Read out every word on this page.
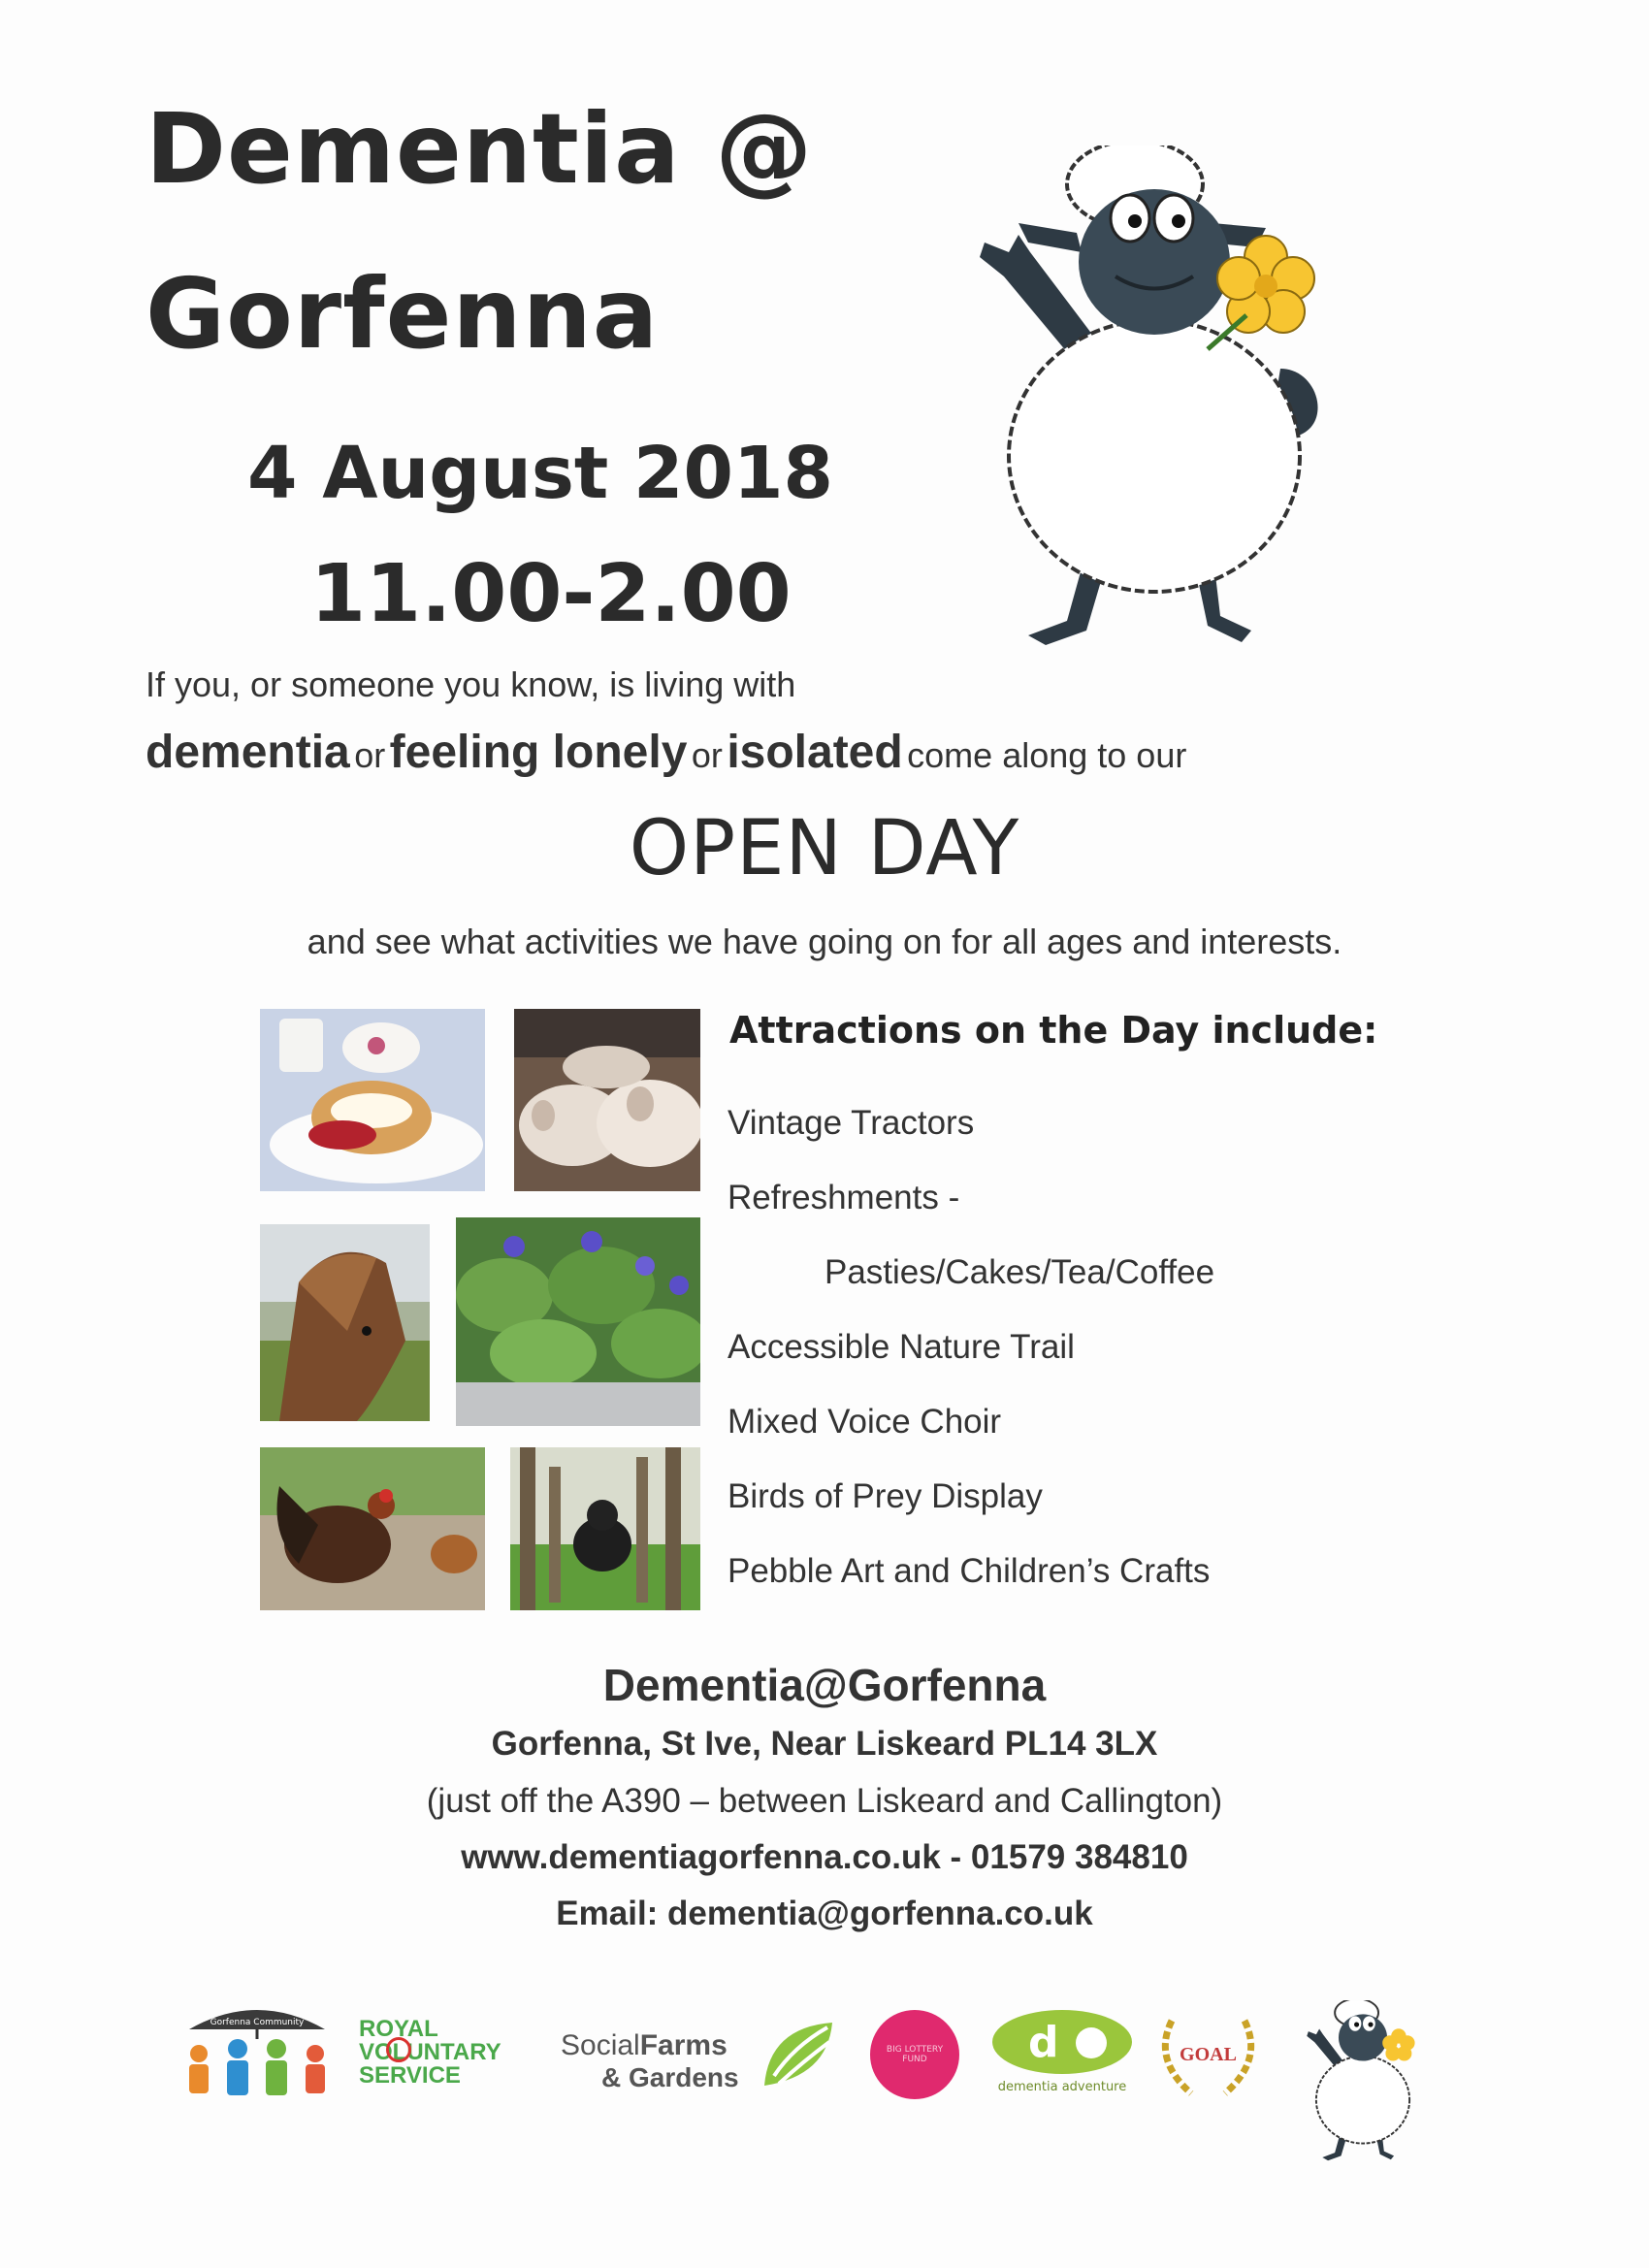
Dementia @
Gorfenna
4 August 2018
11.00-2.00
If you, or someone you know, is living with
dementia or feeling lonely or isolated come along to our
OPEN DAY
and see what activities we have going on for all ages and interests.
Attractions on the Day include:
Vintage Tractors
Refreshments -
Pasties/Cakes/Tea/Coffee
Accessible Nature Trail
Mixed Voice Choir
Birds of Prey Display
Pebble Art and Children’s Crafts
Dementia@Gorfenna
Gorfenna, St Ive, Near Liskeard PL14 3LX
(just off the A390 – between Liskeard and Callington)
www.dementiagorfenna.co.uk - 01579 384810
Email: dementia@gorfenna.co.uk
Gorfenna Community	ROYAL
VOLUNTARY
SERVICE
SocialFarms
& Gardens
BIG LOTTERY FUND	d
dementia adventure
GOAL
